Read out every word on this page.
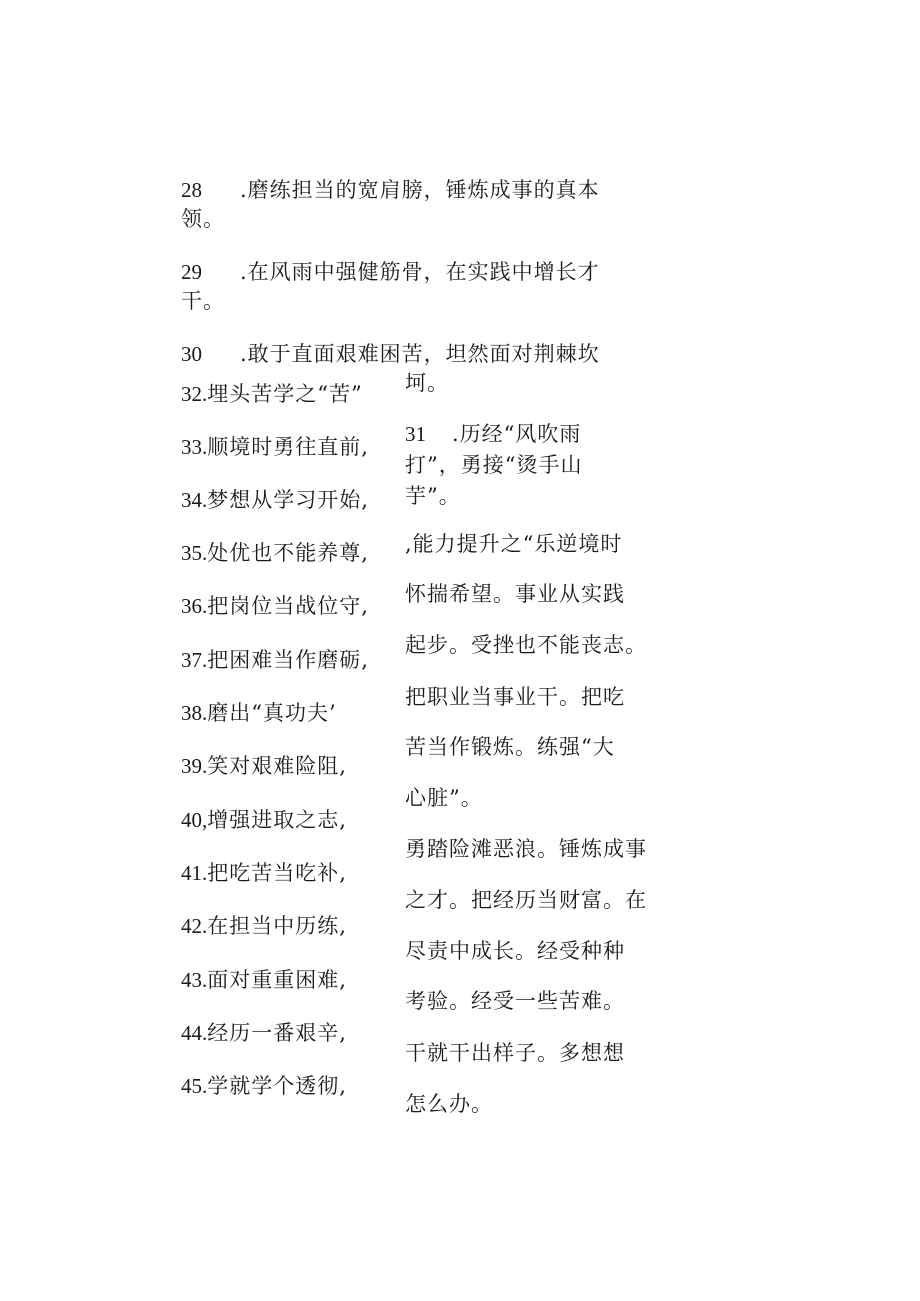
28 .磨练担当的宽肩膀，锤炼成事的真本
领。
29 .在风雨中强健筋骨，在实践中增长才
干。
30 .敢于直面艰难困苦，坦然面对荆棘坎
坷。
31 .历经“风吹雨
打”，勇接“烫手山
芋”。
32.埋头苦学之“苦”
33.顺境时勇往直前,
34.梦想从学习开始,
35.处优也不能养尊,
36.把岗位当战位守,
37.把困难当作磨砺,
38.磨出“真功夫’
39.笑对艰难险阻,
40,增强进取之志,
41.把吃苦当吃补,
42.在担当中历练,
43.面对重重困难,
44.经历一番艰辛,
45.学就学个透彻,
,能力提升之“乐逆境时
怀揣希望。事业从实践
起步。受挫也不能丧志。
把职业当事业干。把吃
苦当作锻炼。练强“大
心脏”。
勇踏险滩恶浪。锤炼成事
之才。把经历当财富。在
尽责中成长。经受种种
考验。经受一些苦难。
干就干出样子。多想想
怎么办。
